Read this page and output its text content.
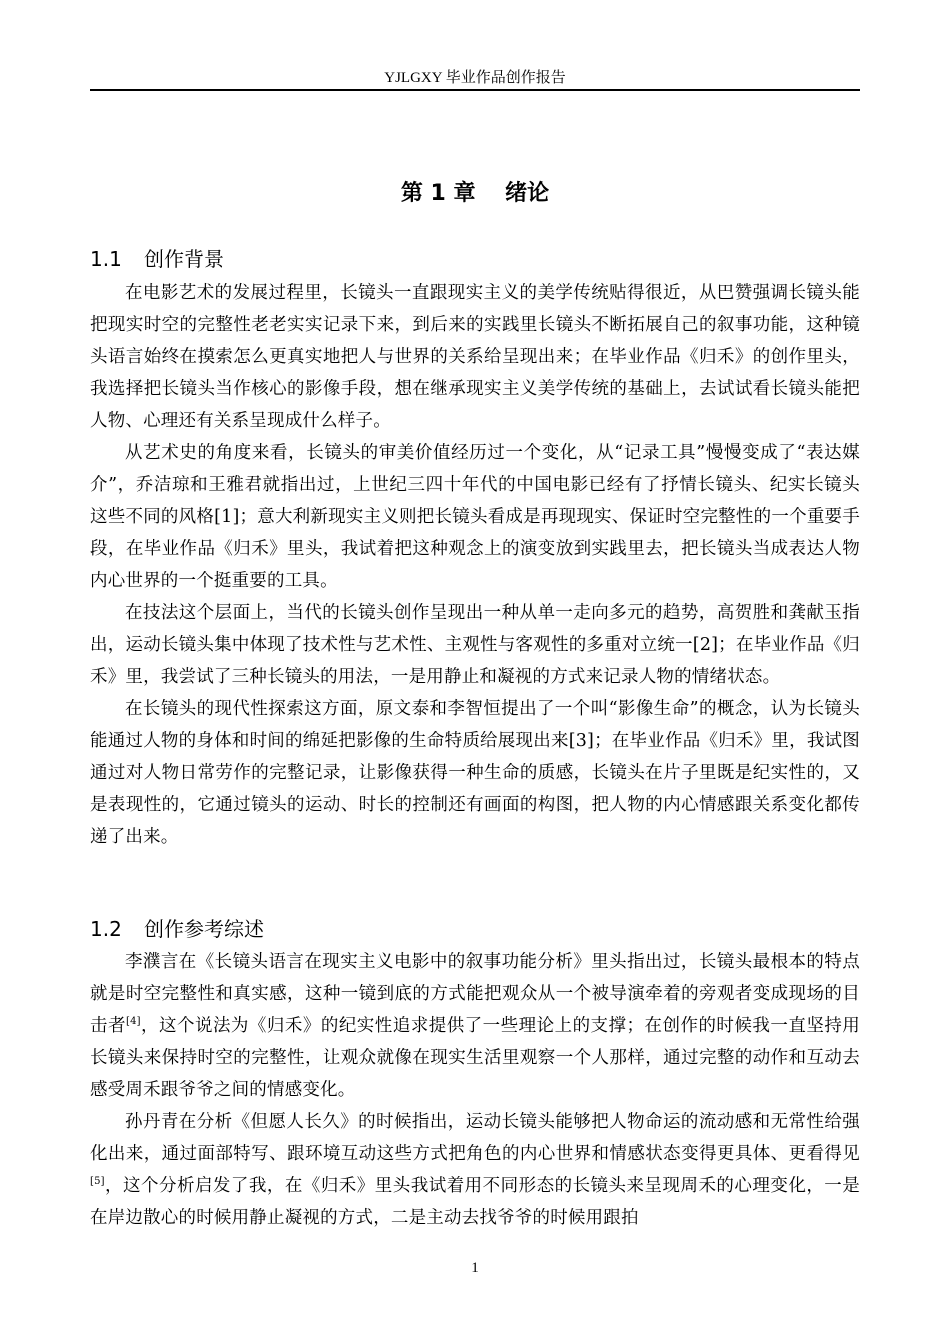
YJLGXY 毕业作品创作报告
第 1 章　 绪论
1.1 创作背景

在电影艺术的发展过程里，长镜头一直跟现实主义的美学传统贴得很近，从巴赞强调长镜头能把现实时空的完整性老老实实记录下来，到后来的实践里长镜头不断拓展自己的叙事功能，这种镜头语言始终在摸索怎么更真实地把人与世界的关系给呈现出来；在毕业作品《归禾》的创作里头，我选择把长镜头当作核心的影像手段，想在继承现实主义美学传统的基础上，去试试看长镜头能把人物、心理还有关系呈现成什么样子。

从艺术史的角度来看，长镜头的审美价值经历过一个变化，从“记录工具”慢慢变成了“表达媒介”，乔洁琼和王雅君就指出过，上世纪三四十年代的中国电影已经有了抒情长镜头、纪实长镜头这些不同的风格[1]；意大利新现实主义则把长镜头看成是再现现实、保证时空完整性的一个重要手段，在毕业作品《归禾》里头，我试着把这种观念上的演变放到实践里去，把长镜头当成表达人物内心世界的一个挺重要的工具。

在技法这个层面上，当代的长镜头创作呈现出一种从单一走向多元的趋势，高贺胜和龚献玉指出，运动长镜头集中体现了技术性与艺术性、主观性与客观性的多重对立统一[2]；在毕业作品《归禾》里，我尝试了三种长镜头的用法，一是用静止和凝视的方式来记录人物的情绪状态。

在长镜头的现代性探索这方面，原文泰和李智恒提出了一个叫“影像生命”的概念，认为长镜头能通过人物的身体和时间的绵延把影像的生命特质给展现出来[3]；在毕业作品《归禾》里，我试图通过对人物日常劳作的完整记录，让影像获得一种生命的质感，长镜头在片子里既是纪实性的，又是表现性的，它通过镜头的运动、时长的控制还有画面的构图，把人物的内心情感跟关系变化都传递了出来。

1.2 创作参考综述

李濮言在《长镜头语言在现实主义电影中的叙事功能分析》里头指出过，长镜头最根本的特点就是时空完整性和真实感，这种一镜到底的方式能把观众从一个被导演牵着的旁观者变成现场的目击者[4]，这个说法为《归禾》的纪实性追求提供了一些理论上的支撑；在创作的时候我一直坚持用长镜头来保持时空的完整性，让观众就像在现实生活里观察一个人那样，通过完整的动作和互动去感受周禾跟爷爷之间的情感变化。

孙丹青在分析《但愿人长久》的时候指出，运动长镜头能够把人物命运的流动感和无常性给强化出来，通过面部特写、跟环境互动这些方式把角色的内心世界和情感状态变得更具体、更看得见[5]，这个分析启发了我，在《归禾》里头我试着用不同形态的长镜头来呈现周禾的心理变化，一是在岸边散心的时候用静止凝视的方式，二是主动去找爷爷的时候用跟拍

1
